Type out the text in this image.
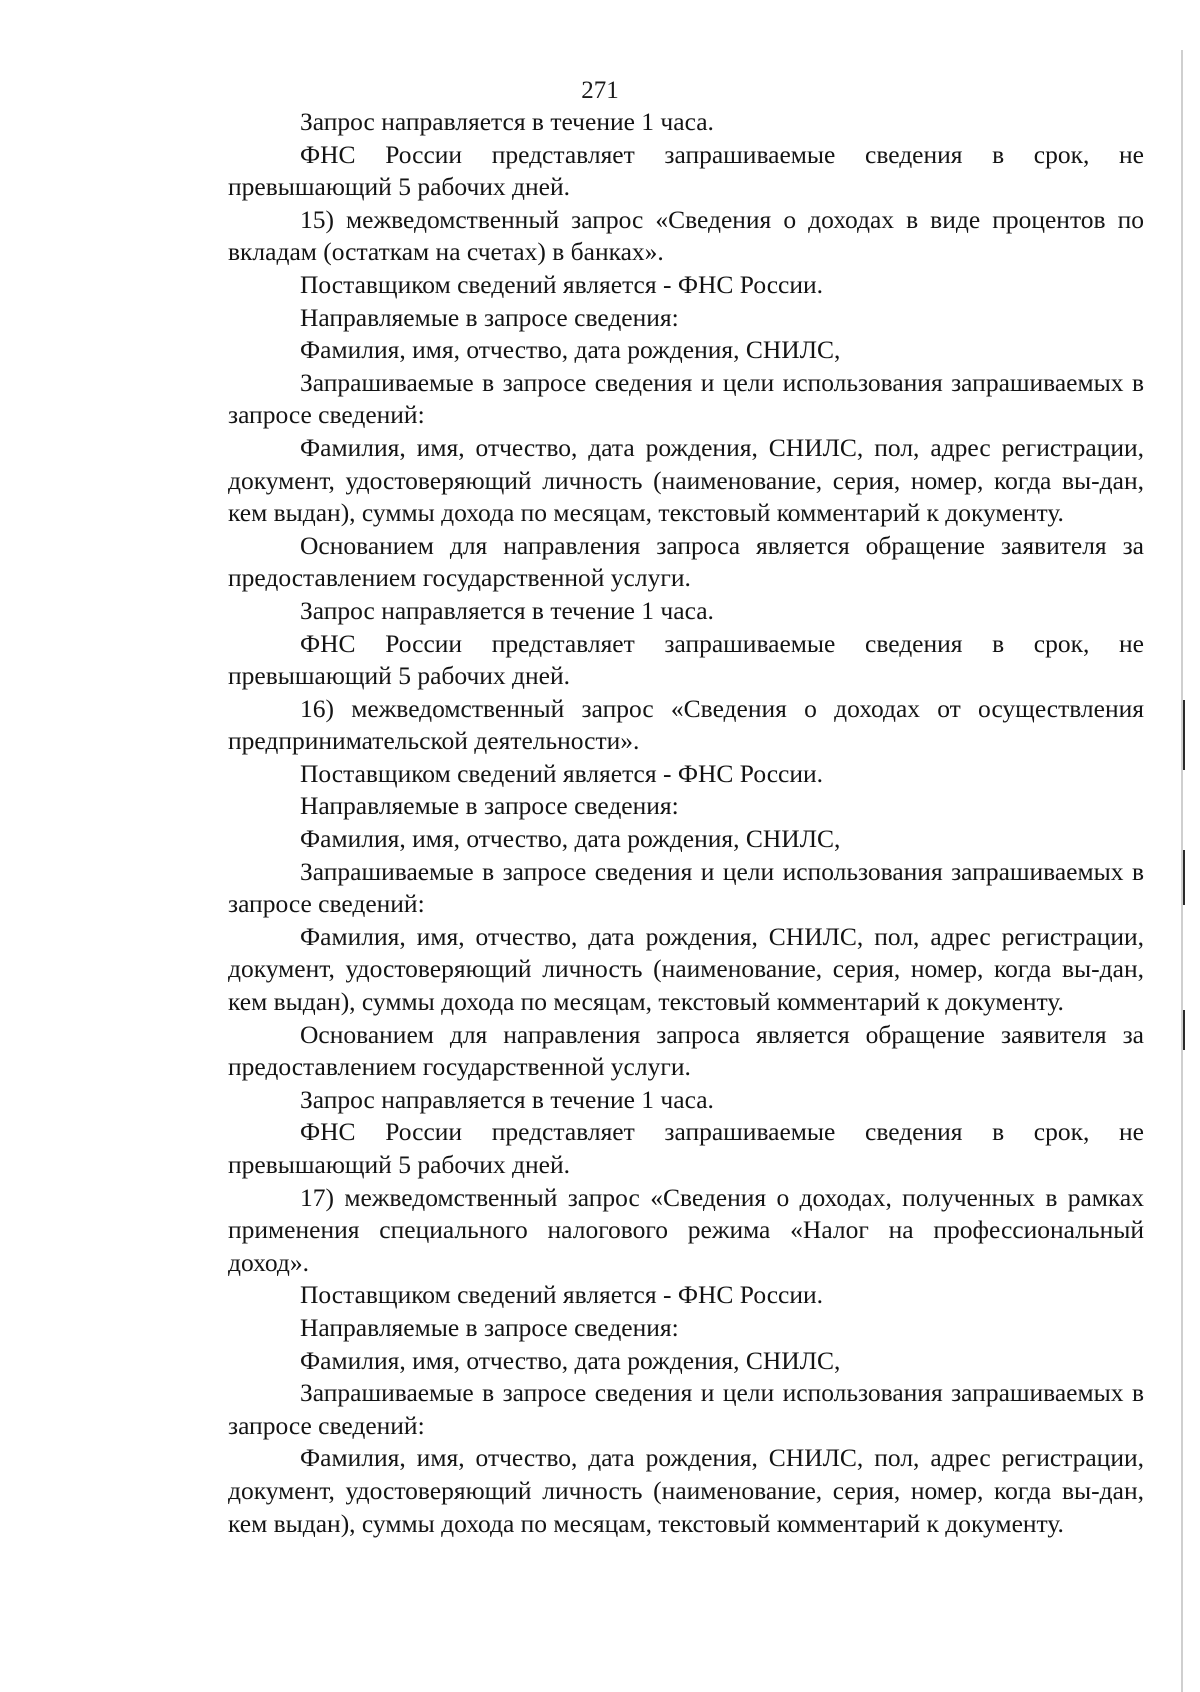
271

Запрос направляется в течение 1 часа.

ФНС России представляет запрашиваемые сведения в срок, не превышающий 5 рабочих дней.

15) межведомственный запрос «Сведения о доходах в виде процентов по вкладам (остаткам на счетах) в банках».

Поставщиком сведений является - ФНС России.

Направляемые в запросе сведения:

Фамилия, имя, отчество, дата рождения, СНИЛС,

Запрашиваемые в запросе сведения и цели использования запрашиваемых в запросе сведений:

Фамилия, имя, отчество, дата рождения, СНИЛС, пол, адрес регистрации, документ, удостоверяющий личность (наименование, серия, номер, когда вы-дан, кем выдан), суммы дохода по месяцам, текстовый комментарий к документу.

Основанием для направления запроса является обращение заявителя за предоставлением государственной услуги.

Запрос направляется в течение 1 часа.

ФНС России представляет запрашиваемые сведения в срок, не превышающий 5 рабочих дней.

16) межведомственный запрос «Сведения о доходах от осуществления предпринимательской деятельности».

Поставщиком сведений является - ФНС России.

Направляемые в запросе сведения:

Фамилия, имя, отчество, дата рождения, СНИЛС,

Запрашиваемые в запросе сведения и цели использования запрашиваемых в запросе сведений:

Фамилия, имя, отчество, дата рождения, СНИЛС, пол, адрес регистрации, документ, удостоверяющий личность (наименование, серия, номер, когда вы-дан, кем выдан), суммы дохода по месяцам, текстовый комментарий к документу.

Основанием для направления запроса является обращение заявителя за предоставлением государственной услуги.

Запрос направляется в течение 1 часа.

ФНС России представляет запрашиваемые сведения в срок, не превышающий 5 рабочих дней.

17) межведомственный запрос «Сведения о доходах, полученных в рамках применения специального налогового режима «Налог на профессиональный доход».

Поставщиком сведений является - ФНС России.

Направляемые в запросе сведения:

Фамилия, имя, отчество, дата рождения, СНИЛС,

Запрашиваемые в запросе сведения и цели использования запрашиваемых в запросе сведений:

Фамилия, имя, отчество, дата рождения, СНИЛС, пол, адрес регистрации, документ, удостоверяющий личность (наименование, серия, номер, когда вы-дан, кем выдан), суммы дохода по месяцам, текстовый комментарий к документу.
